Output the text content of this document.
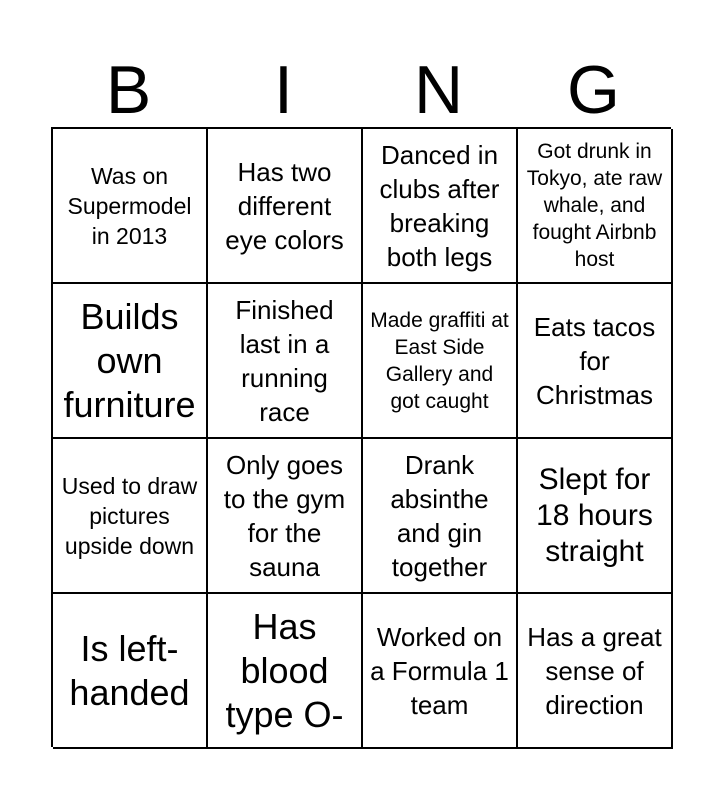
B	I	N	G
Was on Supermodel in 2013
Has two different eye colors
Danced in clubs after breaking both legs
Got drunk in Tokyo, ate raw whale, and fought Airbnb host
Builds own furniture
Finished last in a running race
Made graffiti at East Side Gallery and got caught
Eats tacos for Christmas
Used to draw pictures upside down
Only goes to the gym for the sauna
Drank absinthe and gin together
Slept for 18 hours straight
Is left-handed
Has blood type O-
Worked on a Formula 1 team
Has a great sense of direction
